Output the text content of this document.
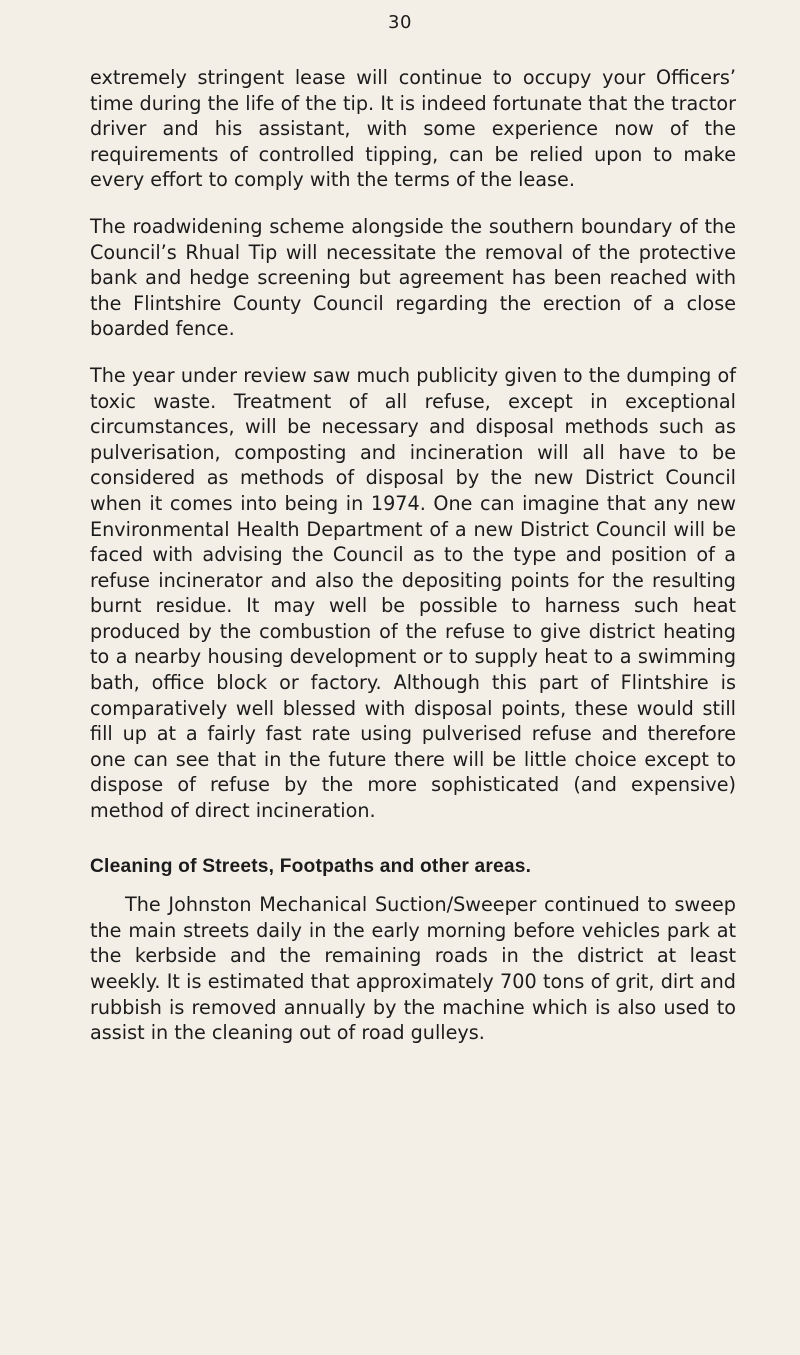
30

extremely stringent lease will continue to occupy your Officers’ time during the life of the tip. It is indeed fortunate that the tractor driver and his assistant, with some experience now of the requirements of controlled tipping, can be relied upon to make every effort to comply with the terms of the lease.

The roadwidening scheme alongside the southern boundary of the Council’s Rhual Tip will necessitate the removal of the protective bank and hedge screening but agreement has been reached with the Flintshire County Council regarding the erection of a close boarded fence.

The year under review saw much publicity given to the dumping of toxic waste. Treatment of all refuse, except in exceptional circumstances, will be necessary and disposal methods such as pulverisation, composting and incineration will all have to be considered as methods of disposal by the new District Council when it comes into being in 1974. One can imagine that any new Environmental Health Department of a new District Council will be faced with advising the Council as to the type and position of a refuse incinerator and also the depositing points for the resulting burnt residue. It may well be possible to harness such heat produced by the combustion of the refuse to give district heating to a nearby housing development or to supply heat to a swimming bath, office block or factory. Although this part of Flintshire is comparatively well blessed with disposal points, these would still fill up at a fairly fast rate using pulverised refuse and therefore one can see that in the future there will be little choice except to dispose of refuse by the more sophisticated (and expensive) method of direct incineration.

Cleaning of Streets, Footpaths and other areas.

The Johnston Mechanical Suction/Sweeper continued to sweep the main streets daily in the early morning before vehicles park at the kerbside and the remaining roads in the district at least weekly. It is estimated that approximately 700 tons of grit, dirt and rubbish is removed annually by the machine which is also used to assist in the cleaning out of road gulleys.
